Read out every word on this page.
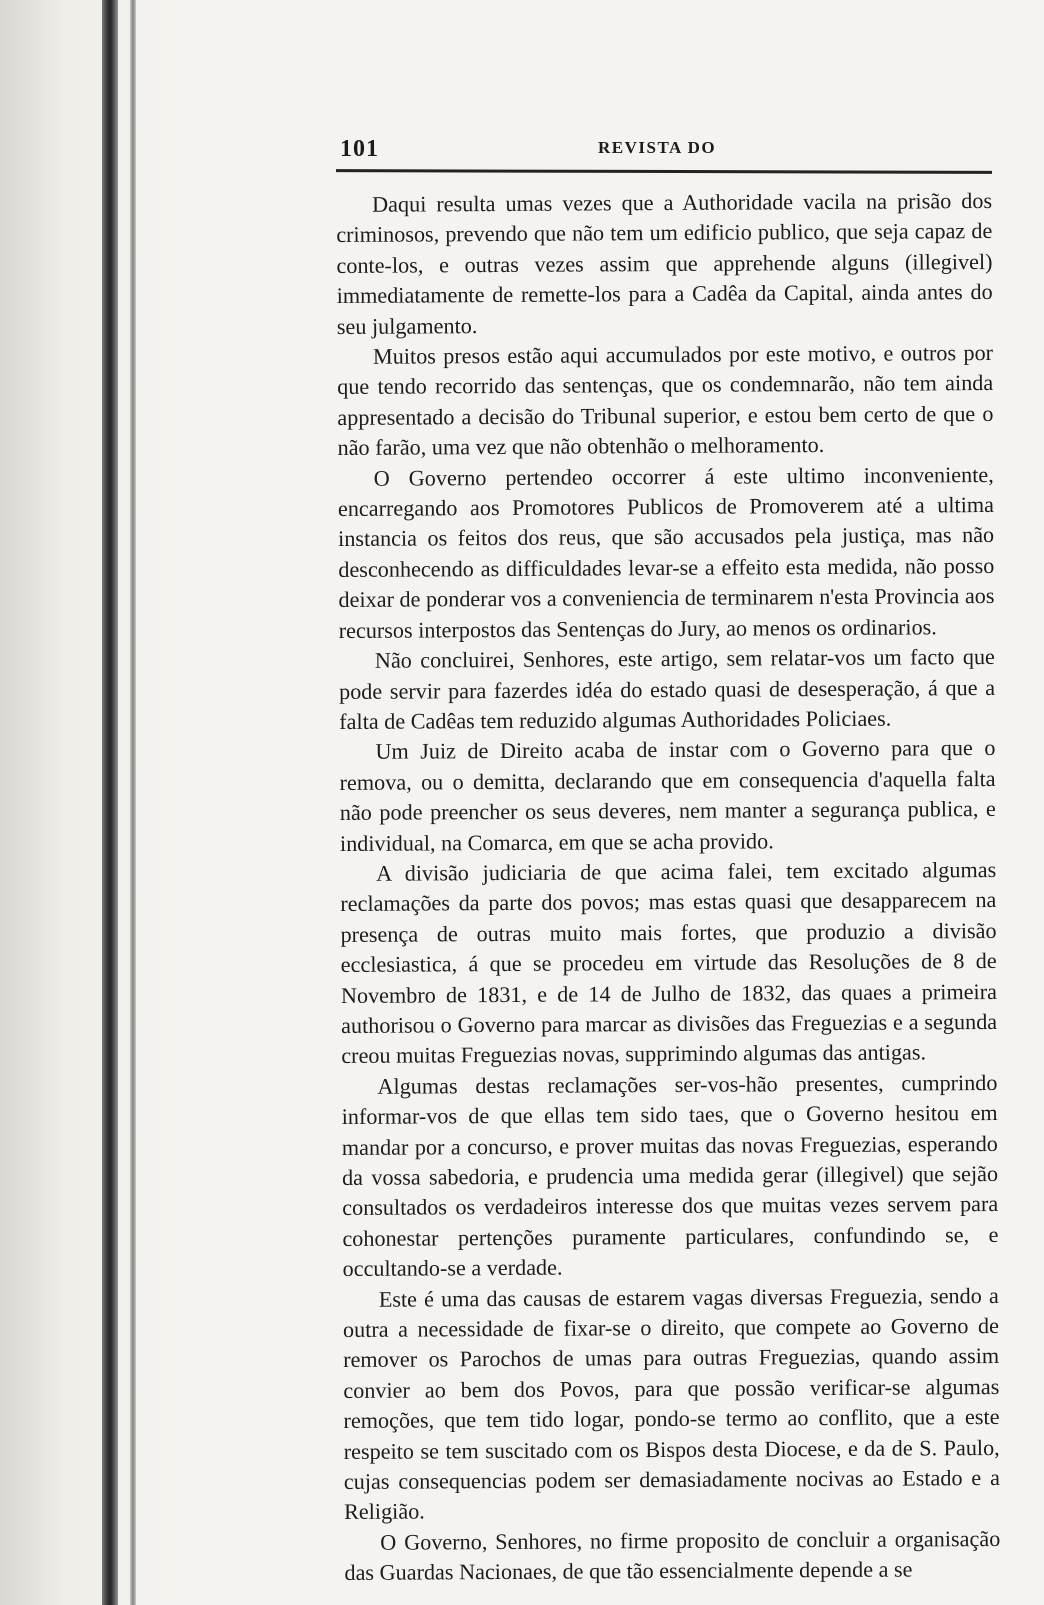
101	REVISTA DO

Daqui resulta umas vezes que a Authoridade vacila na prisão dos criminosos, prevendo que não tem um edificio publico, que seja capaz de conte-los, e outras vezes assim que apprehende alguns (illegivel) immediatamente de remette-los para a Cadêa da Capital, ainda antes do seu julgamento.

Muitos presos estão aqui accumulados por este motivo, e outros por que tendo recorrido das sentenças, que os condemnarão, não tem ainda appresentado a decisão do Tribunal superior, e estou bem certo de que o não farão, uma vez que não obtenhão o melhoramento.

O Governo pertendeo occorrer á este ultimo inconveniente, encarregando aos Promotores Publicos de Promoverem até a ultima instancia os feitos dos reus, que são accusados pela justiça, mas não desconhecendo as difficuldades levar-se a effeito esta medida, não posso deixar de ponderar vos a conveniencia de terminarem n'esta Provincia aos recursos interpostos das Sentenças do Jury, ao menos os ordinarios.

Não concluirei, Senhores, este artigo, sem relatar-vos um facto que pode servir para fazerdes idéa do estado quasi de desesperação, á que a falta de Cadêas tem reduzido algumas Authoridades Policiaes.

Um Juiz de Direito acaba de instar com o Governo para que o remova, ou o demitta, declarando que em consequencia d'aquella falta não pode preencher os seus deveres, nem manter a segurança publica, e individual, na Comarca, em que se acha provido.

A divisão judiciaria de que acima falei, tem excitado algumas reclamações da parte dos povos; mas estas quasi que desapparecem na presença de outras muito mais fortes, que produzio a divisão ecclesiastica, á que se procedeu em virtude das Resoluções de 8 de Novembro de 1831, e de 14 de Julho de 1832, das quaes a primeira authorisou o Governo para marcar as divisões das Freguezias e a segunda creou muitas Freguezias novas, supprimindo algumas das antigas.

Algumas destas reclamações ser-vos-hão presentes, cumprindo informar-vos de que ellas tem sido taes, que o Governo hesitou em mandar por a concurso, e prover muitas das novas Freguezias, esperando da vossa sabedoria, e prudencia uma medida gerar (illegivel) que sejão consultados os verdadeiros interesse dos que muitas vezes servem para cohonestar pertenções puramente particulares, confundindo se, e occultando-se a verdade.

Este é uma das causas de estarem vagas diversas Freguezia, sendo a outra a necessidade de fixar-se o direito, que compete ao Governo de remover os Parochos de umas para outras Freguezias, quando assim convier ao bem dos Povos, para que possão verificar-se algumas remoções, que tem tido logar, pondo-se termo ao conflito, que a este respeito se tem suscitado com os Bispos desta Diocese, e da de S. Paulo, cujas consequencias podem ser demasiadamente nocivas ao Estado e a Religião.

O Governo, Senhores, no firme proposito de concluir a organisação das Guardas Nacionaes, de que tão essencialmente depende a se
